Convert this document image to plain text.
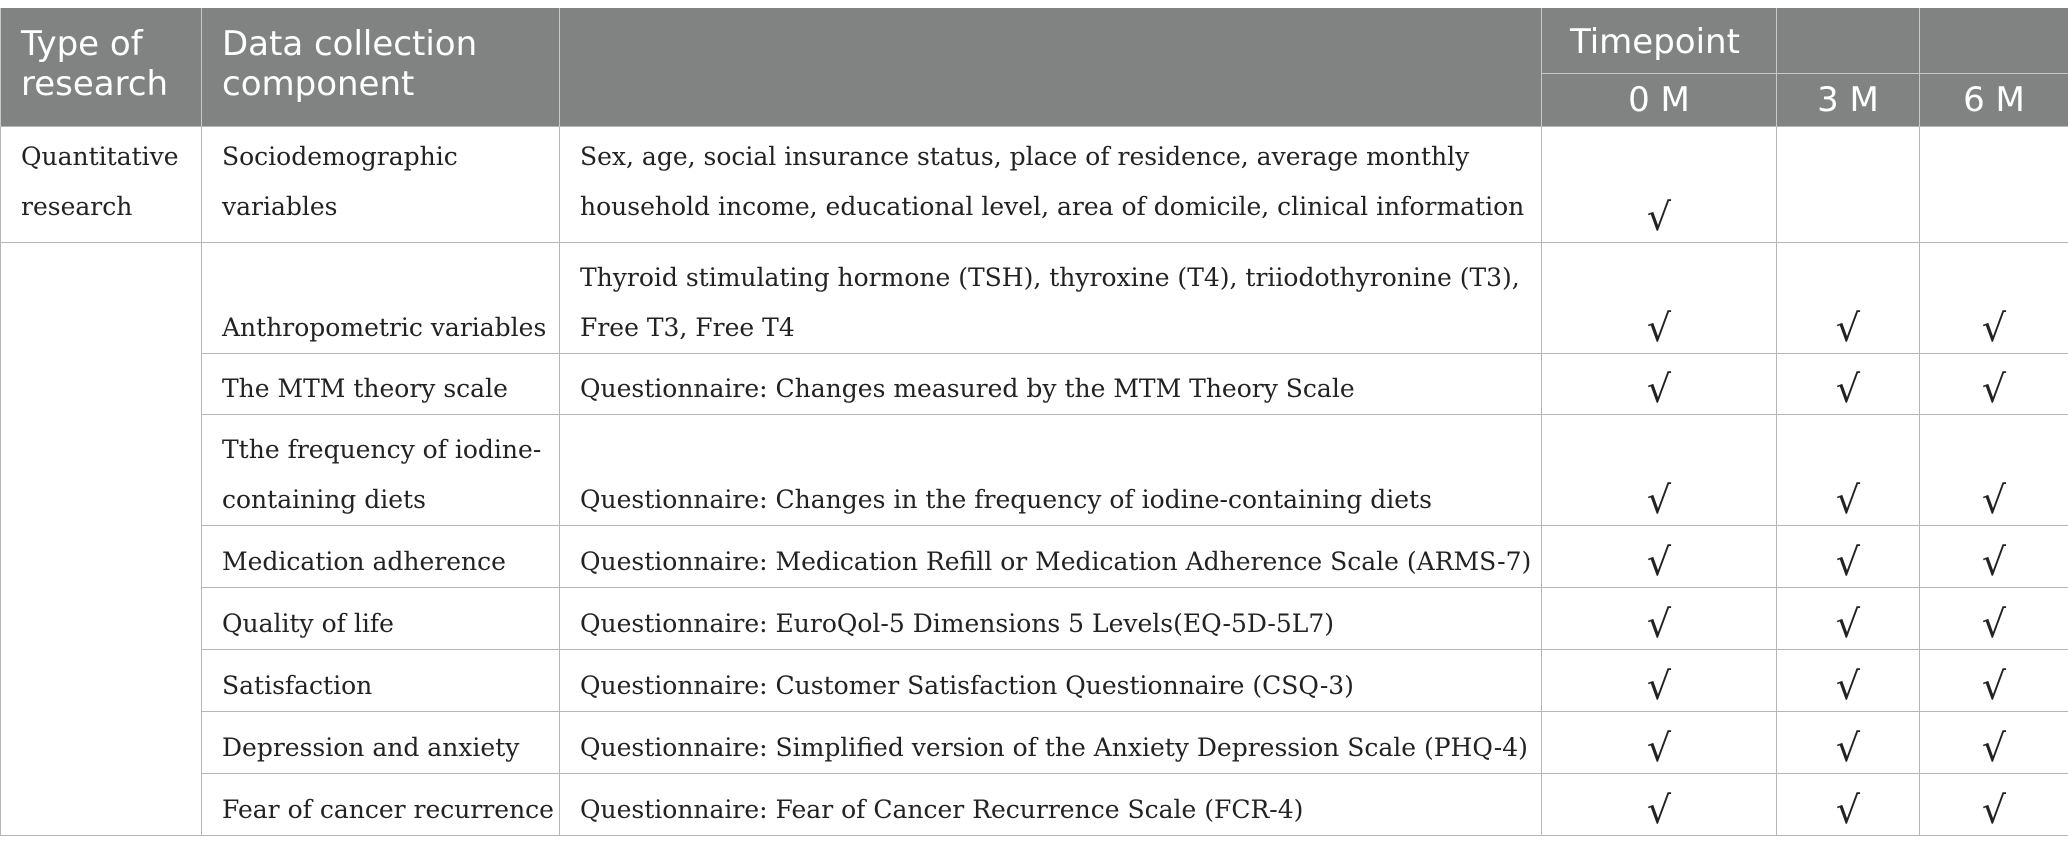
Type of research	Data collection component		Timepoint		
			0 M	3 M	6 M
Quantitative research	Sociodemographic variables	Sex, age, social insurance status, place of residence, average monthly household income, educational level, area of domicile, clinical information	√		
	Anthropometric variables	Thyroid stimulating hormone (TSH), thyroxine (T4), triiodothyronine (T3), Free T3, Free T4	√	√	√
	The MTM theory scale	Questionnaire: Changes measured by the MTM Theory Scale	√	√	√
	Tthe frequency of iodine-containing diets	Questionnaire: Changes in the frequency of iodine-containing diets	√	√	√
	Medication adherence	Questionnaire: Medication Refill or Medication Adherence Scale (ARMS-7)	√	√	√
	Quality of life	Questionnaire: EuroQol-5 Dimensions 5 Levels(EQ-5D-5L7)	√	√	√
	Satisfaction	Questionnaire: Customer Satisfaction Questionnaire (CSQ-3)	√	√	√
	Depression and anxiety	Questionnaire: Simplified version of the Anxiety Depression Scale (PHQ-4)	√	√	√
	Fear of cancer recurrence	Questionnaire: Fear of Cancer Recurrence Scale (FCR-4)	√	√	√
